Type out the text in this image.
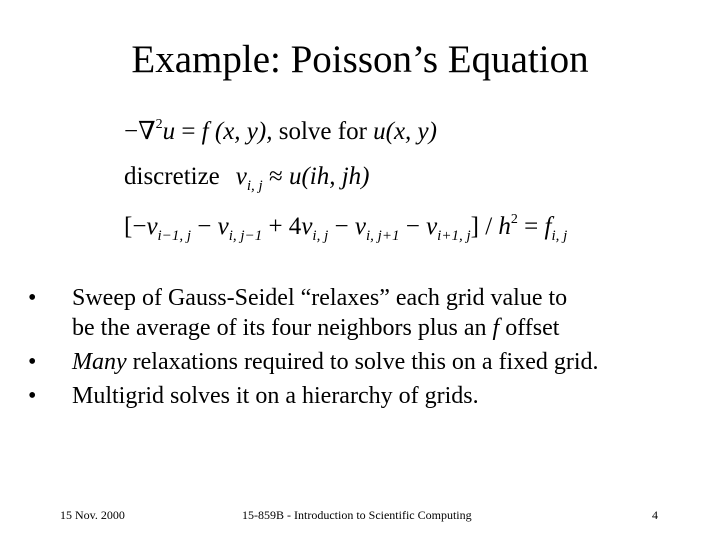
Example: Poisson’s Equation
−∇$^2$u = f (x, y), solve for u(x, y)
discretize $v_{i, j} \approx u(ih$, jh)
$[-v_{i-1, j} - v_{i, j-1} + 4v_{i, j} - v_{i, j+1} - v_{i+1, j}] / h^2 = f_{i, j}$
• Sweep of Gauss-Seidel “relaxes” each grid value to
be the average of its four neighbors plus an f offset
• Many relaxations required to solve this on a fixed grid.
• Multigrid solves it on a hierarchy of grids.
15 Nov. 2000	15-859B - Introduction to Scientific Computing	4
